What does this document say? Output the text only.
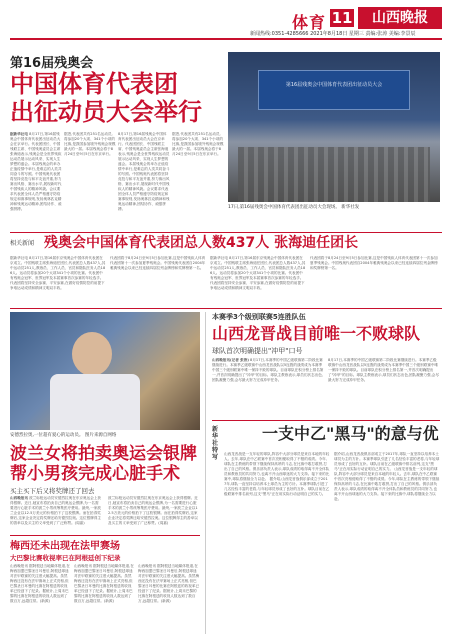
体育 11	山西晚报
新闻热线:0351-4285666 2021年8月18日 星期三 责编:张涛 美编:李景辰
第16届残奥会
中国体育代表团
出征动员大会举行
据新华社电 8月17日,第16届残奥会中国体育代表团出征动员大会在京举行。代表团团长、中国残联主席、中国残奥委员会主席张海迪表示,残奥会是全世界残疾运动员展示运动风采、实现人生梦想的盛会。本届残奥会的举办正值疫情中举行,是难忘的人类共同奋斗的写照。中国残奥代表团将坚持竞技与和平友谊并重,努力赛出风格、赛出水平,展现新时代中国残疾人的精神风貌。会议要求代表团全体人员严格遵守防疫规定和赛事规则,发扬奥林匹克精神和残奥运动精神,团结协作、顽强拼搏。
据悉,代表团共有251名运动员,将参加20个大项、341个小项的比赛,是我国参加境外残奥会规模最大的一届。本届残奥会将于8月24日至9月5日在东京举行。
8月17日,第16届残奥会中国体育代表团出征动员大会在京举行。代表团团长、中国残联主席、中国残奥委员会主席张海迪表示,残奥会是全世界残疾运动员展示运动风采、实现人生梦想的盛会。本届残奥会的举办正值疫情中举行,是难忘的人类共同奋斗的写照。中国残奥代表团将坚持竞技与和平友谊并重,努力赛出风格、赛出水平,展现新时代中国残疾人的精神风貌。会议要求代表团全体人员严格遵守防疫规定和赛事规则,发扬奥林匹克精神和残奥运动精神,团结协作、顽强拼搏。
据悉,代表团共有251名运动员,将参加20个大项、341个小项的比赛,是我国参加境外残奥会规模最大的一届。本届残奥会将于8月24日至9月5日在东京举行。
第16届残奥会中国体育代表团出征动员大会
17日,第16届残奥会中国体育代表团出征动员大会现场。 新华社发
相关新闻 残奥会中国体育代表团总人数437人 张海迪任团长
据新华社电 8月17日,第16届东京残奥会中国体育代表团在京成立。中国残联主席张海迪任团长,代表团总人数437人,其中运动员251人,教练员、工作人员、官员和随队医务人员186人。运动员将参加20个大项341个小项的比赛。代表团中有残奥会冠军、世界冠军及本届赛事首次参赛的年轻选手。代表团将坚持安全参赛、平安参赛,在做好疫情防控的前提下争取运动成绩和精神文明双丰收。
代表团将于8月24日至9月5日参加比赛,这是中国残疾人体育代表团第十一次参加夏季残奥会。中国残奥代表团自2004年雅典残奥会以来已经连续四届位列金牌榜和奖牌榜第一名。
据新华社电 8月17日,第16届东京残奥会中国体育代表团在京成立。中国残联主席张海迪任团长,代表团总人数437人,其中运动员251人,教练员、工作人员、官员和随队医务人员186人。运动员将参加20个大项341个小项的比赛。代表团中有残奥会冠军、世界冠军及本届赛事首次参赛的年轻选手。代表团将坚持安全参赛、平安参赛,在做好疫情防控的前提下争取运动成绩和精神文明双丰收。
代表团将于8月24日至9月5日参加比赛,这是中国残疾人体育代表团第十一次参加夏季残奥会。中国残奥代表团自2004年雅典残奥会以来已经连续四届位列金牌榜和奖牌榜第一名。
安德烈拉奥,一位超有爱心的运动员。 图片来源自网络
波兰女将拍卖奥运会银牌
帮小男孩完成心脏手术
买主买下后又将奖牌还了回去
山西晚报讯 波兰标枪运动员安德烈拉奥在东京奥运会上获得银牌。近日,她宣布将拍卖自己的奥运会银牌,为一名需要进行心脏手术的波兰小男孩筹集医疗费用。最终,一家波兰企业以12.5万美元的价格拍下了这枚银牌。而在拍得奖牌后,这家企业决定将奖牌还给安德烈拉奥。这位银牌得主的善举以及买主的义举受到了广泛称赞。(周嘉)
波兰标枪运动员安德烈拉奥在东京奥运会上获得银牌。近日,她宣布将拍卖自己的奥运会银牌,为一名需要进行心脏手术的波兰小男孩筹集医疗费用。最终,一家波兰企业以12.5万美元的价格拍下了这枚银牌。而在拍得奖牌后,这家企业决定将奖牌还给安德烈拉奥。这位银牌得主的善举以及买主的义举受到了广泛称赞。(周嘉)
梅西还未出现在法甲赛场
大巴黎比赛收视率已在阿根廷创下纪录
山西晚报讯 据阿根廷当地媒体报道,在梅西加盟巴黎圣日耳曼后,阿根廷球迷对法甲联赛的关注度大幅提高。虽然梅西还没有在法甲赛场上正式亮相,但巴黎圣日耳曼的比赛在阿根廷的收视率已经创下了纪录。据统计,上周末巴黎的比赛在阿根廷的收视人数达到了数百万,远超往常。(新源)
山西晚报讯 据阿根廷当地媒体报道,在梅西加盟巴黎圣日耳曼后,阿根廷球迷对法甲联赛的关注度大幅提高。虽然梅西还没有在法甲赛场上正式亮相,但巴黎圣日耳曼的比赛在阿根廷的收视率已经创下了纪录。据统计,上周末巴黎的比赛在阿根廷的收视人数达到了数百万,远超往常。(新源)
山西晚报讯 据阿根廷当地媒体报道,在梅西加盟巴黎圣日耳曼后,阿根廷球迷对法甲联赛的关注度大幅提高。虽然梅西还没有在法甲赛场上正式亮相,但巴黎圣日耳曼的比赛在阿根廷的收视率已经创下了纪录。据统计,上周末巴黎的比赛在阿根廷的收视人数达到了数百万,远超往常。(新源)
本赛季3个级别联赛5连胜队伍
山西龙晋战目前唯一不败球队
球队首次明确提出"冲甲"口号
山西晚报讯(记者 张涛) 8月17日,本赛季的中国乙级联赛第二阶段比赛继续进行。本赛季乙级联赛中山西龙晋战队以5连胜的战绩成为本赛季中国三个级别联赛中唯一保持不败的球队。目前球队在积分榜上排名第一,并首次明确提出了"冲甲"的目标。球队主教练表示,球员们状态出色,团队凝聚力强,会尽最大努力完成冲甲任务。
8月17日,本赛季的中国乙级联赛第二阶段比赛继续进行。本赛季乙级联赛中山西龙晋战队以5连胜的战绩成为本赛季中国三个级别联赛中唯一保持不败的球队。目前球队在积分榜上排名第一,并首次明确提出了"冲甲"的目标。球队主教练表示,球员们状态出色,团队凝聚力强,会尽最大努力完成冲甲任务。
新华社特写
一支中乙"黑马"的意与优
山西龙晋战是一支年轻的球队,阵容中大部分球员是来自本地的年轻人。去年,球队在中乙联赛中首次亮相便取得了不错的成绩。今年,球队在主教练的带领下继续保持高昂的斗志,在比赛中敢打敢拼,打出了自己的风格。俱乐部负责人表示,球队成绩的取得离不开全体队员和教练员的共同努力,也离不开山西球迷的大力支持。接下来的比赛中,球队将继续全力以赴。 据介绍,山西龙晋战俱乐部成立于2017年,球队一直坚持以培养本土球员为主的方针。本赛季球队引进了几名经验丰富的老将,与年轻球员形成了良好的互补。球队目前在乙级联赛中排名前列,这支"黑马"正在用实际行动证明自己的实力。
据介绍,山西龙晋战俱乐部成立于2017年,球队一直坚持以培养本土球员为主的方针。本赛季球队引进了几名经验丰富的老将,与年轻球员形成了良好的互补。球队目前在乙级联赛中排名前列,这支"黑马"正在用实际行动证明自己的实力。 山西龙晋战是一支年轻的球队,阵容中大部分球员是来自本地的年轻人。去年,球队在中乙联赛中首次亮相便取得了不错的成绩。今年,球队在主教练的带领下继续保持高昂的斗志,在比赛中敢打敢拼,打出了自己的风格。俱乐部负责人表示,球队成绩的取得离不开全体队员和教练员的共同努力,也离不开山西球迷的大力支持。接下来的比赛中,球队将继续全力以赴。
